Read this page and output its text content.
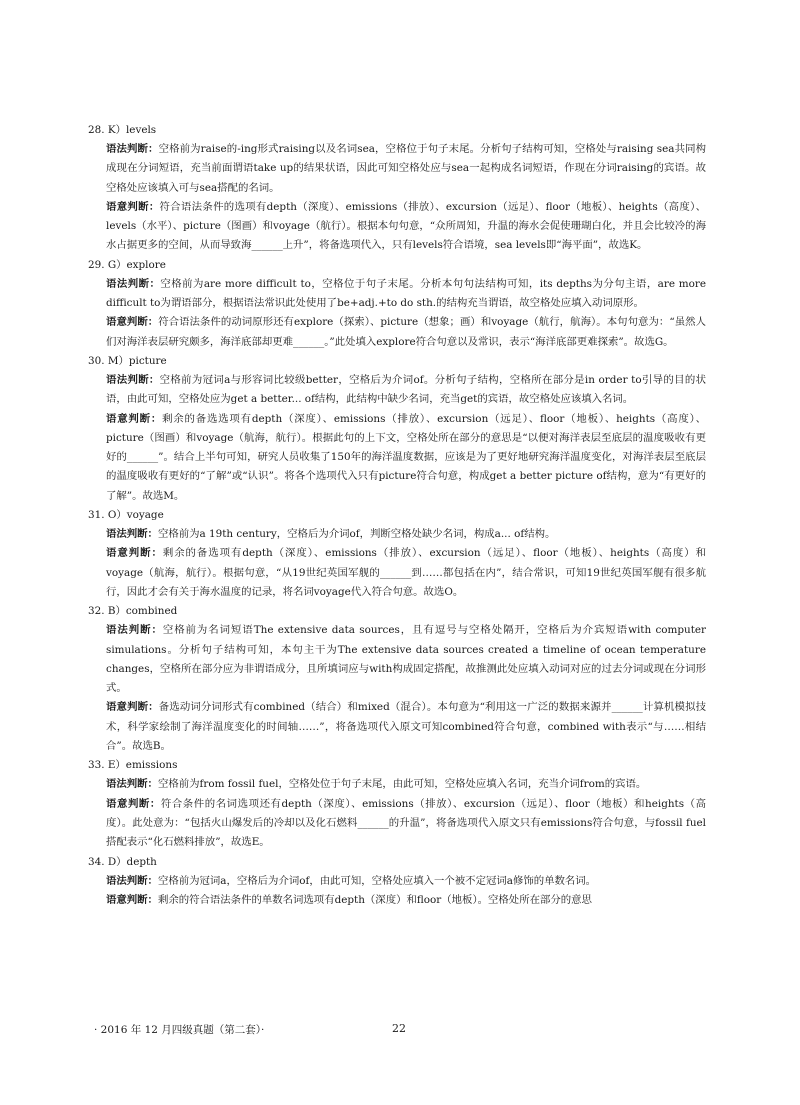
28. K）levels

语法判断：空格前为raise的-ing形式raising以及名词sea，空格位于句子末尾。分析句子结构可知，空格处与raising sea共同构成现在分词短语，充当前面谓语take up的结果状语，因此可知空格处应与sea一起构成名词短语，作现在分词raising的宾语。故空格处应该填入可与sea搭配的名词。

语意判断：符合语法条件的选项有depth（深度）、emissions（排放）、excursion（远足）、floor（地板）、heights（高度）、levels（水平）、picture（图画）和voyage（航行）。根据本句句意，“众所周知，升温的海水会促使珊瑚白化，并且会比较冷的海水占据更多的空间，从而导致海______上升”，将备选项代入，只有levels符合语境，sea levels即“海平面”，故选K。

29. G）explore

语法判断：空格前为are more difficult to，空格位于句子末尾。分析本句句法结构可知，its depths为分句主语，are more difficult to为谓语部分，根据语法常识此处使用了be+adj.+to do sth.的结构充当谓语，故空格处应填入动词原形。

语意判断：符合语法条件的动词原形还有explore（探索）、picture（想象；画）和voyage（航行，航海）。本句句意为：“虽然人们对海洋表层研究颇多，海洋底部却更难______。”此处填入explore符合句意以及常识，表示“海洋底部更难探索”。故选G。

30. M）picture

语法判断：空格前为冠词a与形容词比较级better，空格后为介词of。分析句子结构，空格所在部分是in order to引导的目的状语，由此可知，空格处应为get a better... of结构，此结构中缺少名词，充当get的宾语，故空格处应该填入名词。

语意判断：剩余的备选选项有depth（深度）、emissions（排放）、excursion（远足）、floor（地板）、heights（高度）、picture（图画）和voyage（航海，航行）。根据此句的上下文，空格处所在部分的意思是“以便对海洋表层至底层的温度吸收有更好的______”。结合上半句可知，研究人员收集了150年的海洋温度数据，应该是为了更好地研究海洋温度变化，对海洋表层至底层的温度吸收有更好的“了解”或“认识”。将各个选项代入只有picture符合句意，构成get a better picture of结构，意为“有更好的了解”。故选M。

31. O）voyage

语法判断：空格前为a 19th century，空格后为介词of，判断空格处缺少名词，构成a... of结构。

语意判断：剩余的备选项有depth（深度）、emissions（排放）、excursion（远足）、floor（地板）、heights（高度）和 voyage（航海，航行）。根据句意，“从19世纪英国军舰的______到……都包括在内”，结合常识，可知19世纪英国军舰有很多航行，因此才会有关于海水温度的记录，将名词voyage代入符合句意。故选O。

32. B）combined

语法判断：空格前为名词短语The extensive data sources，且有逗号与空格处隔开，空格后为介宾短语with computer simulations。分析句子结构可知，本句主干为The extensive data sources created a timeline of ocean temperature changes，空格所在部分应为非谓语成分，且所填词应与with构成固定搭配，故推测此处应填入动词对应的过去分词或现在分词形式。

语意判断：备选动词分词形式有combined（结合）和mixed（混合）。本句意为“利用这一广泛的数据来源并______计算机模拟技术，科学家绘制了海洋温度变化的时间轴……”，将备选项代入原文可知combined符合句意，combined with表示“与……相结合”。故选B。

33. E）emissions

语法判断：空格前为from fossil fuel，空格处位于句子末尾，由此可知，空格处应填入名词，充当介词from的宾语。

语意判断：符合条件的名词选项还有depth（深度）、emissions（排放）、excursion（远足）、floor（地板）和heights（高度）。此处意为：“包括火山爆发后的冷却以及化石燃料______的升温”，将备选项代入原文只有emissions符合句意，与fossil fuel搭配表示“化石燃料排放”，故选E。

34. D）depth

语法判断：空格前为冠词a，空格后为介词of，由此可知，空格处应填入一个被不定冠词a修饰的单数名词。

语意判断：剩余的符合语法条件的单数名词选项有depth（深度）和floor（地板）。空格处所在部分的意思

· 2016 年 12 月四级真题（第二套）·	22
